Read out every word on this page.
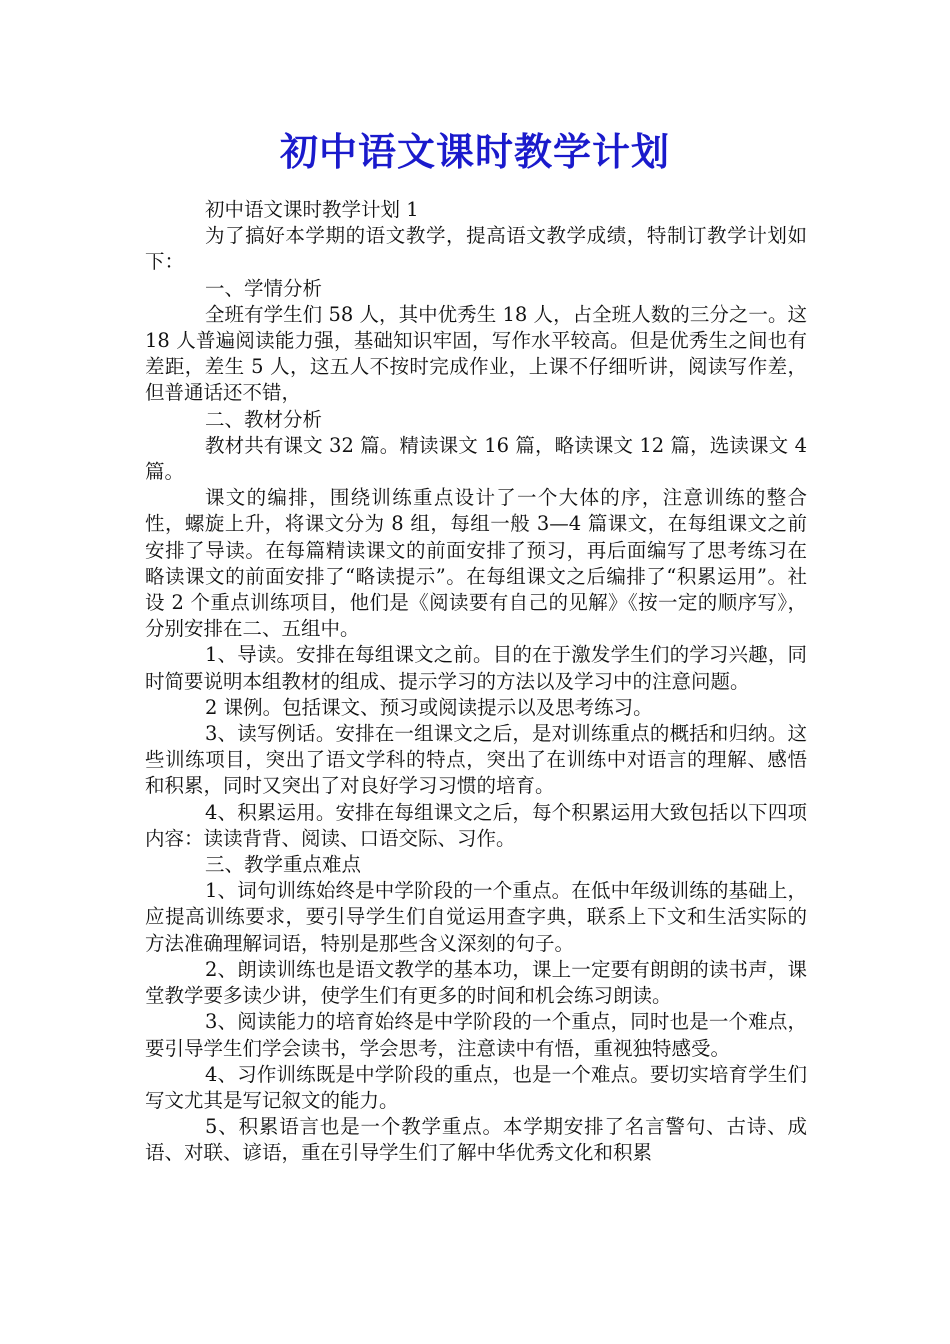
初中语文课时教学计划

初中语文课时教学计划 1

为了搞好本学期的语文教学，提高语文教学成绩，特制订教学计划如下：

一、学情分析

全班有学生们 58 人，其中优秀生 18 人，占全班人数的三分之一。这 18 人普遍阅读能力强，基础知识牢固，写作水平较高。但是优秀生之间也有差距，差生 5 人，这五人不按时完成作业，上课不仔细听讲，阅读写作差，但普通话还不错，

二、教材分析

教材共有课文 32 篇。精读课文 16 篇，略读课文 12 篇，选读课文 4 篇。

课文的编排，围绕训练重点设计了一个大体的序，注意训练的整合性，螺旋上升，将课文分为 8 组，每组一般 3—4 篇课文，在每组课文之前安排了导读。在每篇精读课文的前面安排了预习，再后面编写了思考练习在略读课文的前面安排了“略读提示”。在每组课文之后编排了“积累运用”。社设 2 个重点训练项目，他们是《阅读要有自己的见解》《按一定的顺序写》，分别安排在二、五组中。

1、导读。安排在每组课文之前。目的在于激发学生们的学习兴趣，同时简要说明本组教材的组成、提示学习的方法以及学习中的注意问题。

2 课例。包括课文、预习或阅读提示以及思考练习。

3、读写例话。安排在一组课文之后，是对训练重点的概括和归纳。这些训练项目，突出了语文学科的特点，突出了在训练中对语言的理解、感悟和积累，同时又突出了对良好学习习惯的培育。

4、积累运用。安排在每组课文之后，每个积累运用大致包括以下四项内容：读读背背、阅读、口语交际、习作。

三、教学重点难点

1、词句训练始终是中学阶段的一个重点。在低中年级训练的基础上，应提高训练要求，要引导学生们自觉运用查字典，联系上下文和生活实际的方法准确理解词语，特别是那些含义深刻的句子。

2、朗读训练也是语文教学的基本功，课上一定要有朗朗的读书声，课堂教学要多读少讲，使学生们有更多的时间和机会练习朗读。

3、阅读能力的培育始终是中学阶段的一个重点，同时也是一个难点，要引导学生们学会读书，学会思考，注意读中有悟，重视独特感受。

4、习作训练既是中学阶段的重点，也是一个难点。要切实培育学生们写文尤其是写记叙文的能力。

5、积累语言也是一个教学重点。本学期安排了名言警句、古诗、成语、对联、谚语，重在引导学生们了解中华优秀文化和积累
